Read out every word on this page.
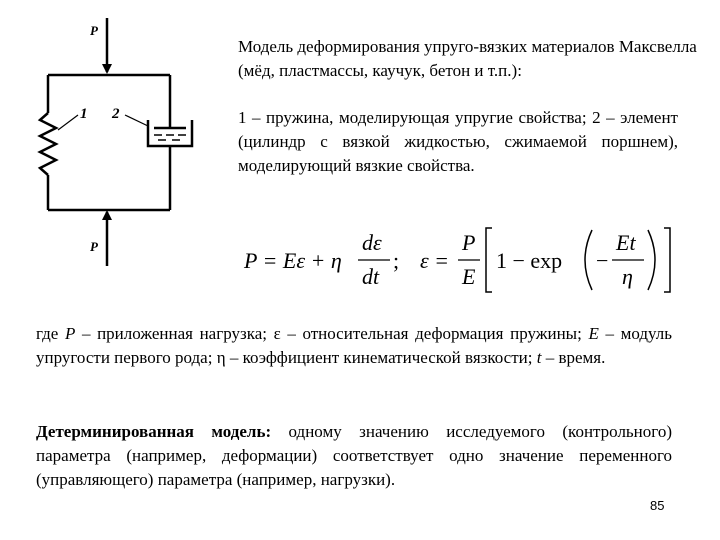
P
1 2
P
Модель деформирования упруго-вязких материалов Максвелла (мёд, пластмассы, каучук, бетон и т.п.):
1 – пружина, моделирующая упругие свойства; 2 – элемент (цилиндр с вязкой жидкостью, сжимаемой поршнем), моделирующий вязкие свойства.
P = Eε + η
dε
dt
; ε =
P
E
1 − exp −
Et
η
где P – приложенная нагрузка; ε – относительная деформация пружины; E – модуль упругости первого рода; η – коэффициент кинематической вязкости; t – время.
Детерминированная модель: одному значению исследуемого (контрольного) параметра (например, деформации) соответствует одно значение переменного (управляющего) параметра (например, нагрузки).
85
